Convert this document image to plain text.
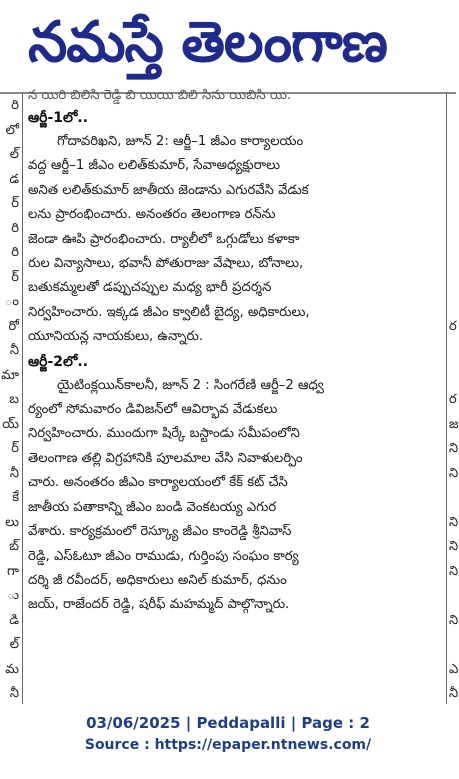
నమస్తే తెలంగాణ
రి
లో
ల్
డ
ర్
రి
రి
ర్
ం
రో
నీ
మా
బ
య్
ర్
నీ
కే
లు
బ్
గా
ు
డి
ల్
మ
నీ
న యిరి బిలిసి రెడ్డి బి యియి బిలి సిను యిబిసి యి.
ఆర్జీ-1లో..

గోదావరిఖని, జూన్ 2: ఆర్జీ–1 జీఎం కార్యాలయం
వద్ద ఆర్జీ–1 జీఎం లలిత్‌కుమార్, సేవాఅధ్యక్షురాలు
అనిత లలిత్‌కుమార్ జాతీయ జెండాను ఎగురవేసి వేడుక
లను ప్రారంభించారు. అనంతరం తెలంగాణ రన్‌ను
జెండా ఊపి ప్రారంభించారు. ర్యాలీలో ఒగ్గుడోలు కళాకా
రుల విన్యాసాలు, భవానీ పోతురాజు వేషాలు, బోనాలు,
బతుకమ్మలతో డప్పుచప్పుల మధ్య భారీ ప్రదర్శన
నిర్వహించారు. ఇక్కడ జీఎం క్వాలిటీ బైద్య, అధికారులు,
యూనియన్ల నాయకులు, ఉన్నారు.

ఆర్జీ-2లో..

యైటింక్లయిన్‌కాలనీ, జూన్ 2 : సింగరేణి ఆర్జీ–2 ఆధ్వ
ర్యంలో సోమవారం డివిజన్‌లో ఆవిర్భావ వేడుకలు
నిర్వహించారు. ముందుగా షిర్కే బస్టాండు సమీపంలోని
తెలంగాణ తల్లి విగ్రహానికి పూలమాల వేసి నివాళులర్పిం
చారు. అనంతరం జీఎం కార్యాలయంలో కేక్ కట్ చేసి
జాతీయ పతాకాన్ని జీఎం బండి వెంకటయ్య ఎగుర
వేశారు. కార్యక్రమంలో రెస్క్యూ జీఎం కాంరెడ్డి శ్రీనివాస్
రెడ్డి, ఎస్ఓటూ జీఎం రాముడు, గుర్తింపు సంఘం కార్య
దర్శి జీ రవీందర్, అధికారులు అనిల్ కుమార్, ధనుం
జయ్, రాజేందర్ రెడ్డి, షరీఫ్ మహమ్మద్ పాల్గొన్నారు.

ర

ర
జ
ని
ని

ని
ని
ని

ని

ఎ
నీ
03/06/2025 | Peddapalli | Page : 2
Source : https://epaper.ntnews.com/
